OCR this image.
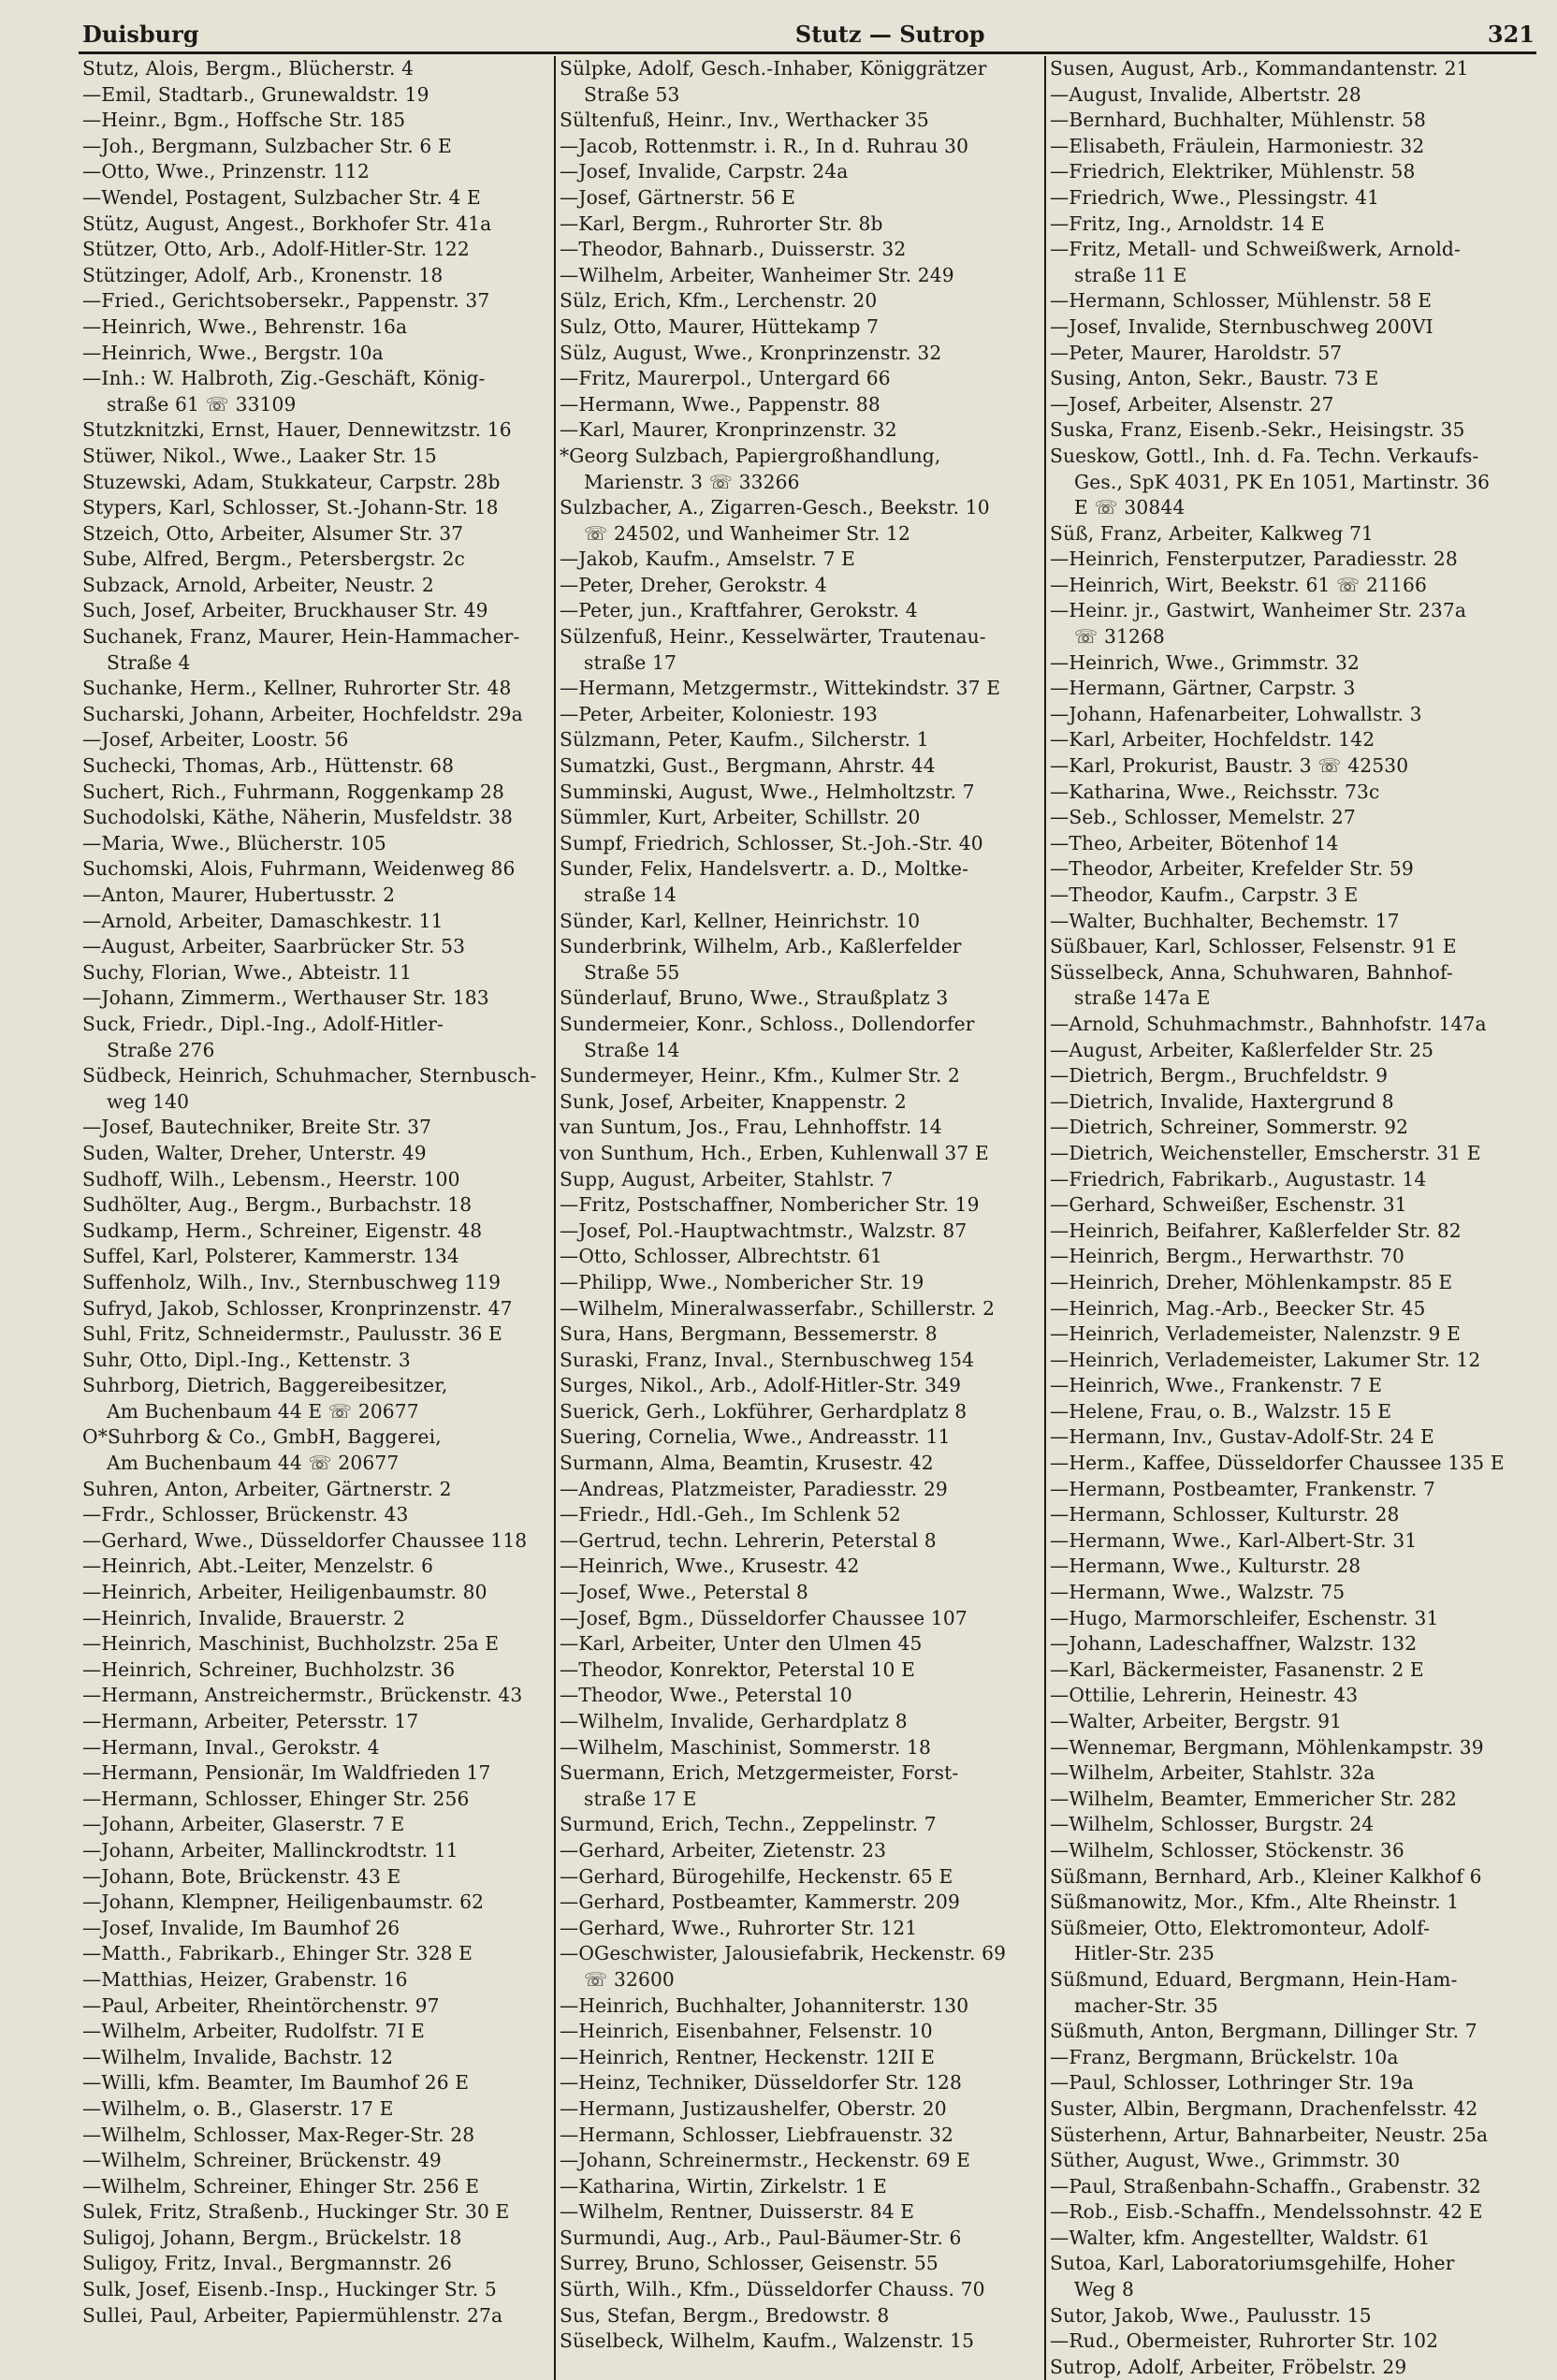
Duisburg	Stutz — Sutrop	321
Stutz, Alois, Bergm., Blücherstr. 4
—Emil, Stadtarb., Grunewaldstr. 19
—Heinr., Bgm., Hoffsche Str. 185
—Joh., Bergmann, Sulzbacher Str. 6 E
—Otto, Wwe., Prinzenstr. 112
—Wendel, Postagent, Sulzbacher Str. 4 E
Stütz, August, Angest., Borkhofer Str. 41a
Stützer, Otto, Arb., Adolf-Hitler-Str. 122
Stützinger, Adolf, Arb., Kronenstr. 18
—Fried., Gerichtsobersekr., Pappenstr. 37
—Heinrich, Wwe., Behrenstr. 16a
—Heinrich, Wwe., Bergstr. 10a
—Inh.: W. Halbroth, Zig.-Geschäft, König-
straße 61 ☏ 33109
Stutzknitzki, Ernst, Hauer, Dennewitzstr. 16
Stüwer, Nikol., Wwe., Laaker Str. 15
Stuzewski, Adam, Stukkateur, Carpstr. 28b
Stypers, Karl, Schlosser, St.-Johann-Str. 18
Stzeich, Otto, Arbeiter, Alsumer Str. 37
Sube, Alfred, Bergm., Petersbergstr. 2c
Subzack, Arnold, Arbeiter, Neustr. 2
Such, Josef, Arbeiter, Bruckhauser Str. 49
Suchanek, Franz, Maurer, Hein-Hammacher-
Straße 4
Suchanke, Herm., Kellner, Ruhrorter Str. 48
Sucharski, Johann, Arbeiter, Hochfeldstr. 29a
—Josef, Arbeiter, Loostr. 56
Suchecki, Thomas, Arb., Hüttenstr. 68
Suchert, Rich., Fuhrmann, Roggenkamp 28
Suchodolski, Käthe, Näherin, Musfeldstr. 38
—Maria, Wwe., Blücherstr. 105
Suchomski, Alois, Fuhrmann, Weidenweg 86
—Anton, Maurer, Hubertusstr. 2
—Arnold, Arbeiter, Damaschkestr. 11
—August, Arbeiter, Saarbrücker Str. 53
Suchy, Florian, Wwe., Abteistr. 11
—Johann, Zimmerm., Werthauser Str. 183
Suck, Friedr., Dipl.-Ing., Adolf-Hitler-
Straße 276
Südbeck, Heinrich, Schuhmacher, Sternbusch-
weg 140
—Josef, Bautechniker, Breite Str. 37
Suden, Walter, Dreher, Unterstr. 49
Sudhoff, Wilh., Lebensm., Heerstr. 100
Sudhölter, Aug., Bergm., Burbachstr. 18
Sudkamp, Herm., Schreiner, Eigenstr. 48
Suffel, Karl, Polsterer, Kammerstr. 134
Suffenholz, Wilh., Inv., Sternbuschweg 119
Sufryd, Jakob, Schlosser, Kronprinzenstr. 47
Suhl, Fritz, Schneidermstr., Paulusstr. 36 E
Suhr, Otto, Dipl.-Ing., Kettenstr. 3
Suhrborg, Dietrich, Baggereibesitzer,
Am Buchenbaum 44 E ☏ 20677
O*Suhrborg & Co., GmbH, Baggerei,
Am Buchenbaum 44 ☏ 20677
Suhren, Anton, Arbeiter, Gärtnerstr. 2
—Frdr., Schlosser, Brückenstr. 43
—Gerhard, Wwe., Düsseldorfer Chaussee 118
—Heinrich, Abt.-Leiter, Menzelstr. 6
—Heinrich, Arbeiter, Heiligenbaumstr. 80
—Heinrich, Invalide, Brauerstr. 2
—Heinrich, Maschinist, Buchholzstr. 25a E
—Heinrich, Schreiner, Buchholzstr. 36
—Hermann, Anstreichermstr., Brückenstr. 43
—Hermann, Arbeiter, Petersstr. 17
—Hermann, Inval., Gerokstr. 4
—Hermann, Pensionär, Im Waldfrieden 17
—Hermann, Schlosser, Ehinger Str. 256
—Johann, Arbeiter, Glaserstr. 7 E
—Johann, Arbeiter, Mallinckrodtstr. 11
—Johann, Bote, Brückenstr. 43 E
—Johann, Klempner, Heiligenbaumstr. 62
—Josef, Invalide, Im Baumhof 26
—Matth., Fabrikarb., Ehinger Str. 328 E
—Matthias, Heizer, Grabenstr. 16
—Paul, Arbeiter, Rheintörchenstr. 97
—Wilhelm, Arbeiter, Rudolfstr. 7I E
—Wilhelm, Invalide, Bachstr. 12
—Willi, kfm. Beamter, Im Baumhof 26 E
—Wilhelm, o. B., Glaserstr. 17 E
—Wilhelm, Schlosser, Max-Reger-Str. 28
—Wilhelm, Schreiner, Brückenstr. 49
—Wilhelm, Schreiner, Ehinger Str. 256 E
Sulek, Fritz, Straßenb., Huckinger Str. 30 E
Suligoj, Johann, Bergm., Brückelstr. 18
Suligoy, Fritz, Inval., Bergmannstr. 26
Sulk, Josef, Eisenb.-Insp., Huckinger Str. 5
Sullei, Paul, Arbeiter, Papiermühlenstr. 27a
Sülpke, Adolf, Gesch.-Inhaber, Königgrätzer
Straße 53
Sültenfuß, Heinr., Inv., Werthacker 35
—Jacob, Rottenmstr. i. R., In d. Ruhrau 30
—Josef, Invalide, Carpstr. 24a
—Josef, Gärtnerstr. 56 E
—Karl, Bergm., Ruhrorter Str. 8b
—Theodor, Bahnarb., Duisserstr. 32
—Wilhelm, Arbeiter, Wanheimer Str. 249
Sülz, Erich, Kfm., Lerchenstr. 20
Sulz, Otto, Maurer, Hüttekamp 7
Sülz, August, Wwe., Kronprinzenstr. 32
—Fritz, Maurerpol., Untergard 66
—Hermann, Wwe., Pappenstr. 88
—Karl, Maurer, Kronprinzenstr. 32
*Georg Sulzbach, Papiergroßhandlung,
Marienstr. 3 ☏ 33266
Sulzbacher, A., Zigarren-Gesch., Beekstr. 10
☏ 24502, und Wanheimer Str. 12
—Jakob, Kaufm., Amselstr. 7 E
—Peter, Dreher, Gerokstr. 4
—Peter, jun., Kraftfahrer, Gerokstr. 4
Sülzenfuß, Heinr., Kesselwärter, Trautenau-
straße 17
—Hermann, Metzgermstr., Wittekindstr. 37 E
—Peter, Arbeiter, Koloniestr. 193
Sülzmann, Peter, Kaufm., Silcherstr. 1
Sumatzki, Gust., Bergmann, Ahrstr. 44
Summinski, August, Wwe., Helmholtzstr. 7
Sümmler, Kurt, Arbeiter, Schillstr. 20
Sumpf, Friedrich, Schlosser, St.-Joh.-Str. 40
Sunder, Felix, Handelsvertr. a. D., Moltke-
straße 14
Sünder, Karl, Kellner, Heinrichstr. 10
Sunderbrink, Wilhelm, Arb., Kaßlerfelder
Straße 55
Sünderlauf, Bruno, Wwe., Straußplatz 3
Sundermeier, Konr., Schloss., Dollendorfer
Straße 14
Sundermeyer, Heinr., Kfm., Kulmer Str. 2
Sunk, Josef, Arbeiter, Knappenstr. 2
van Suntum, Jos., Frau, Lehnhoffstr. 14
von Sunthum, Hch., Erben, Kuhlenwall 37 E
Supp, August, Arbeiter, Stahlstr. 7
—Fritz, Postschaffner, Nombericher Str. 19
—Josef, Pol.-Hauptwachtmstr., Walzstr. 87
—Otto, Schlosser, Albrechtstr. 61
—Philipp, Wwe., Nombericher Str. 19
—Wilhelm, Mineralwasserfabr., Schillerstr. 2
Sura, Hans, Bergmann, Bessemerstr. 8
Suraski, Franz, Inval., Sternbuschweg 154
Surges, Nikol., Arb., Adolf-Hitler-Str. 349
Suerick, Gerh., Lokführer, Gerhardplatz 8
Suering, Cornelia, Wwe., Andreasstr. 11
Surmann, Alma, Beamtin, Krusestr. 42
—Andreas, Platzmeister, Paradiesstr. 29
—Friedr., Hdl.-Geh., Im Schlenk 52
—Gertrud, techn. Lehrerin, Peterstal 8
—Heinrich, Wwe., Krusestr. 42
—Josef, Wwe., Peterstal 8
—Josef, Bgm., Düsseldorfer Chaussee 107
—Karl, Arbeiter, Unter den Ulmen 45
—Theodor, Konrektor, Peterstal 10 E
—Theodor, Wwe., Peterstal 10
—Wilhelm, Invalide, Gerhardplatz 8
—Wilhelm, Maschinist, Sommerstr. 18
Suermann, Erich, Metzgermeister, Forst-
straße 17 E
Surmund, Erich, Techn., Zeppelinstr. 7
—Gerhard, Arbeiter, Zietenstr. 23
—Gerhard, Bürogehilfe, Heckenstr. 65 E
—Gerhard, Postbeamter, Kammerstr. 209
—Gerhard, Wwe., Ruhrorter Str. 121
—OGeschwister, Jalousiefabrik, Heckenstr. 69
☏ 32600
—Heinrich, Buchhalter, Johanniterstr. 130
—Heinrich, Eisenbahner, Felsenstr. 10
—Heinrich, Rentner, Heckenstr. 12II E
—Heinz, Techniker, Düsseldorfer Str. 128
—Hermann, Justizaushelfer, Oberstr. 20
—Hermann, Schlosser, Liebfrauenstr. 32
—Johann, Schreinermstr., Heckenstr. 69 E
—Katharina, Wirtin, Zirkelstr. 1 E
—Wilhelm, Rentner, Duisserstr. 84 E
Surmundi, Aug., Arb., Paul-Bäumer-Str. 6
Surrey, Bruno, Schlosser, Geisenstr. 55
Sürth, Wilh., Kfm., Düsseldorfer Chauss. 70
Sus, Stefan, Bergm., Bredowstr. 8
Süselbeck, Wilhelm, Kaufm., Walzenstr. 15
Susen, August, Arb., Kommandantenstr. 21
—August, Invalide, Albertstr. 28
—Bernhard, Buchhalter, Mühlenstr. 58
—Elisabeth, Fräulein, Harmoniestr. 32
—Friedrich, Elektriker, Mühlenstr. 58
—Friedrich, Wwe., Plessingstr. 41
—Fritz, Ing., Arnoldstr. 14 E
—Fritz, Metall- und Schweißwerk, Arnold-
straße 11 E
—Hermann, Schlosser, Mühlenstr. 58 E
—Josef, Invalide, Sternbuschweg 200VI
—Peter, Maurer, Haroldstr. 57
Susing, Anton, Sekr., Baustr. 73 E
—Josef, Arbeiter, Alsenstr. 27
Suska, Franz, Eisenb.-Sekr., Heisingstr. 35
Sueskow, Gottl., Inh. d. Fa. Techn. Verkaufs-
Ges., SpK 4031, PK En 1051, Martinstr. 36
E ☏ 30844
Süß, Franz, Arbeiter, Kalkweg 71
—Heinrich, Fensterputzer, Paradiesstr. 28
—Heinrich, Wirt, Beekstr. 61 ☏ 21166
—Heinr. jr., Gastwirt, Wanheimer Str. 237a
☏ 31268
—Heinrich, Wwe., Grimmstr. 32
—Hermann, Gärtner, Carpstr. 3
—Johann, Hafenarbeiter, Lohwallstr. 3
—Karl, Arbeiter, Hochfeldstr. 142
—Karl, Prokurist, Baustr. 3 ☏ 42530
—Katharina, Wwe., Reichsstr. 73c
—Seb., Schlosser, Memelstr. 27
—Theo, Arbeiter, Bötenhof 14
—Theodor, Arbeiter, Krefelder Str. 59
—Theodor, Kaufm., Carpstr. 3 E
—Walter, Buchhalter, Bechemstr. 17
Süßbauer, Karl, Schlosser, Felsenstr. 91 E
Süsselbeck, Anna, Schuhwaren, Bahnhof-
straße 147a E
—Arnold, Schuhmachmstr., Bahnhofstr. 147a
—August, Arbeiter, Kaßlerfelder Str. 25
—Dietrich, Bergm., Bruchfeldstr. 9
—Dietrich, Invalide, Haxtergrund 8
—Dietrich, Schreiner, Sommerstr. 92
—Dietrich, Weichensteller, Emscherstr. 31 E
—Friedrich, Fabrikarb., Augustastr. 14
—Gerhard, Schweißer, Eschenstr. 31
—Heinrich, Beifahrer, Kaßlerfelder Str. 82
—Heinrich, Bergm., Herwarthstr. 70
—Heinrich, Dreher, Möhlenkampstr. 85 E
—Heinrich, Mag.-Arb., Beecker Str. 45
—Heinrich, Verlademeister, Nalenzstr. 9 E
—Heinrich, Verlademeister, Lakumer Str. 12
—Heinrich, Wwe., Frankenstr. 7 E
—Helene, Frau, o. B., Walzstr. 15 E
—Hermann, Inv., Gustav-Adolf-Str. 24 E
—Herm., Kaffee, Düsseldorfer Chaussee 135 E
—Hermann, Postbeamter, Frankenstr. 7
—Hermann, Schlosser, Kulturstr. 28
—Hermann, Wwe., Karl-Albert-Str. 31
—Hermann, Wwe., Kulturstr. 28
—Hermann, Wwe., Walzstr. 75
—Hugo, Marmorschleifer, Eschenstr. 31
—Johann, Ladeschaffner, Walzstr. 132
—Karl, Bäckermeister, Fasanenstr. 2 E
—Ottilie, Lehrerin, Heinestr. 43
—Walter, Arbeiter, Bergstr. 91
—Wennemar, Bergmann, Möhlenkampstr. 39
—Wilhelm, Arbeiter, Stahlstr. 32a
—Wilhelm, Beamter, Emmericher Str. 282
—Wilhelm, Schlosser, Burgstr. 24
—Wilhelm, Schlosser, Stöckenstr. 36
Süßmann, Bernhard, Arb., Kleiner Kalkhof 6
Süßmanowitz, Mor., Kfm., Alte Rheinstr. 1
Süßmeier, Otto, Elektromonteur, Adolf-
Hitler-Str. 235
Süßmund, Eduard, Bergmann, Hein-Ham-
macher-Str. 35
Süßmuth, Anton, Bergmann, Dillinger Str. 7
—Franz, Bergmann, Brückelstr. 10a
—Paul, Schlosser, Lothringer Str. 19a
Suster, Albin, Bergmann, Drachenfelsstr. 42
Süsterhenn, Artur, Bahnarbeiter, Neustr. 25a
Süther, August, Wwe., Grimmstr. 30
—Paul, Straßenbahn-Schaffn., Grabenstr. 32
—Rob., Eisb.-Schaffn., Mendelssohnstr. 42 E
—Walter, kfm. Angestellter, Waldstr. 61
Sutoa, Karl, Laboratoriumsgehilfe, Hoher
Weg 8
Sutor, Jakob, Wwe., Paulusstr. 15
—Rud., Obermeister, Ruhrorter Str. 102
Sutrop, Adolf, Arbeiter, Fröbelstr. 29
